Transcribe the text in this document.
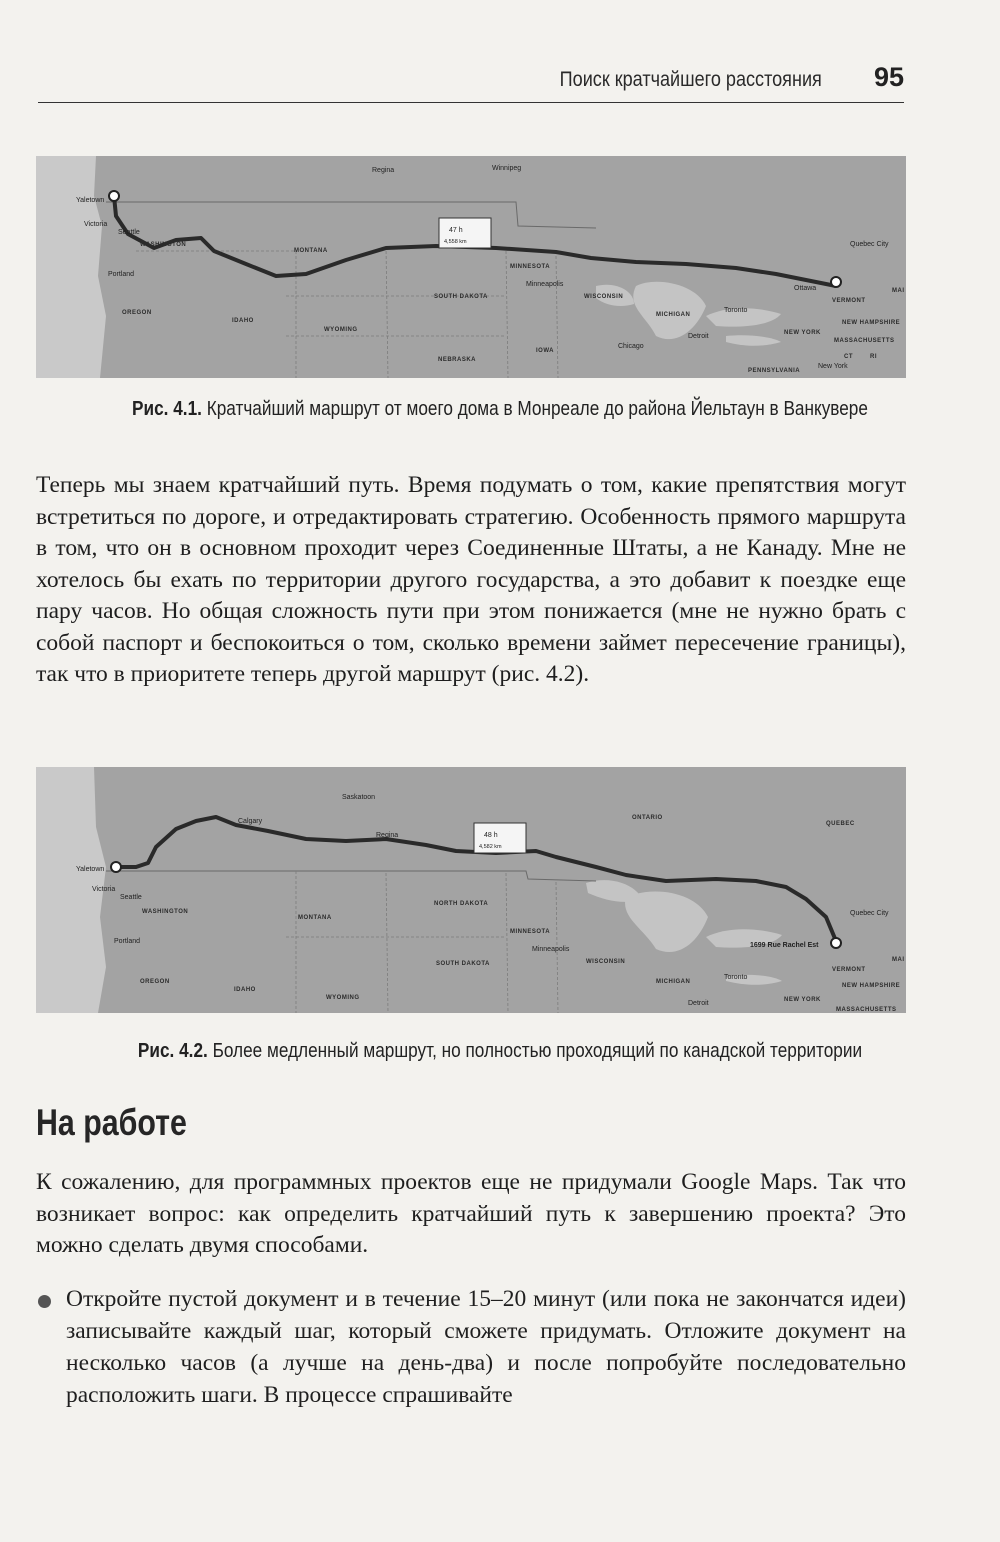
Поиск кратчайшего расстояния 95
47 h
4,558 km
Regina	Winnipeg
Yaletown
Victoria
Seattle
WASHINGTON
Portland
OREGON
IDAHO
MONTANA
WYOMING
SOUTH DAKOTA
NEBRASKA
MINNESOTA
Minneapolis
IOWA
WISCONSIN
MICHIGAN
Chicago
Detroit
Toronto
Ottawa
Quebec City
VERMONT
NEW HAMPSHIRE
NEW YORK
MASSACHUSETTS
CT	RI
PENNSYLVANIA
New York
MAI
Рис. 4.1. Кратчайший маршрут от моего дома в Монреале до района Йельтаун в Ванкувере
Теперь мы знаем кратчайший путь. Время подумать о том, какие препятствия могут встретиться по дороге, и отредактировать стратегию. Особенность прямого маршрута в том, что он в основном проходит через Соединенные Штаты, а не Канаду. Мне не хотелось бы ехать по территории другого государства, а это добавит к поездке еще пару часов. Но общая сложность пути при этом понижается (мне не нужно брать с собой паспорт и беспокоиться о том, сколько времени займет пересечение границы), так что в приоритете теперь другой маршрут (рис. 4.2).
48 h
4,582 km
Saskatoon
Calgary
Regina
ONTARIO
QUEBEC
Yaletown
Victoria
Seattle
WASHINGTON
Portland
OREGON
IDAHO
MONTANA
WYOMING
NORTH DAKOTA
SOUTH DAKOTA
MINNESOTA
Minneapolis
WISCONSIN
MICHIGAN
Detroit
Toronto
Quebec City
1699 Rue Rachel Est
VERMONT
NEW HAMPSHIRE
NEW YORK
MASSACHUSETTS
MAI
Рис. 4.2. Более медленный маршрут, но полностью проходящий по канадской территории
На работе
К сожалению, для программных проектов еще не придумали Google Maps. Так что возникает вопрос: как определить кратчайший путь к завершению проекта? Это можно сделать двумя способами.
Откройте пустой документ и в течение 15–20 минут (или пока не закончатся идеи) записывайте каждый шаг, который сможете придумать. Отложите документ на несколько часов (а лучше на день-два) и после попробуйте последовательно расположить шаги. В процессе спрашивайте
